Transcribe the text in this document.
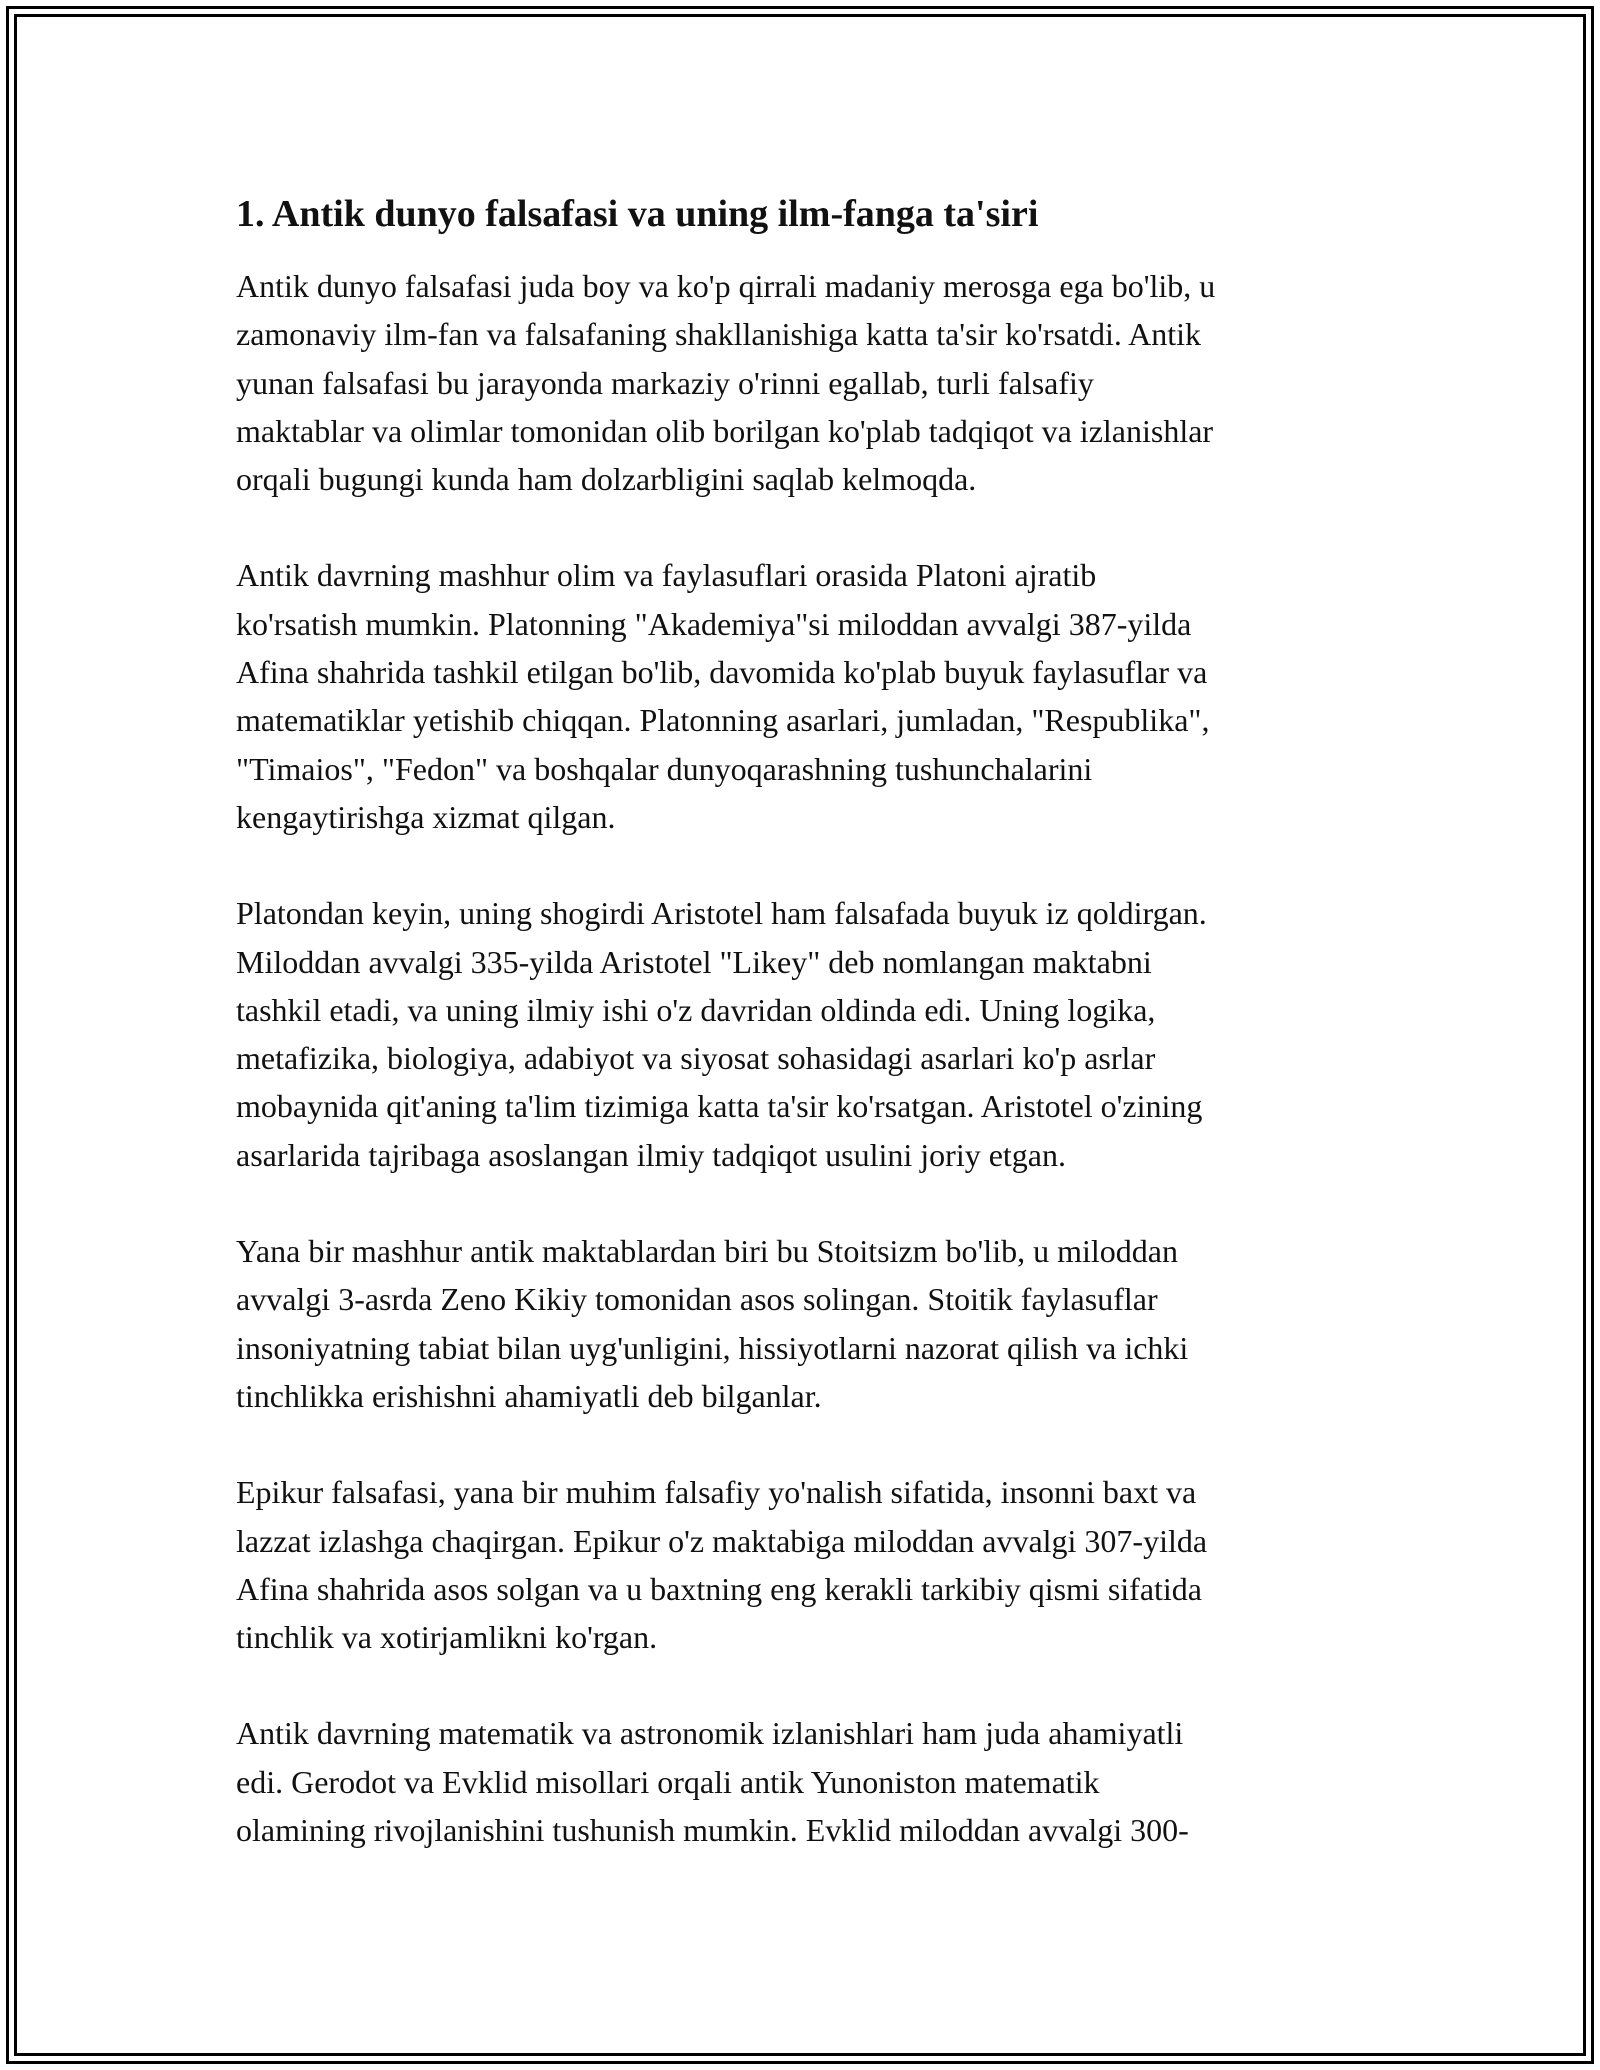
1. Antik dunyo falsafasi va uning ilm-fanga ta'siri

Antik dunyo falsafasi juda boy va ko'p qirrali madaniy merosga ega bo'lib, u
zamonaviy ilm-fan va falsafaning shakllanishiga katta ta'sir ko'rsatdi. Antik
yunan falsafasi bu jarayonda markaziy o'rinni egallab, turli falsafiy
maktablar va olimlar tomonidan olib borilgan ko'plab tadqiqot va izlanishlar
orqali bugungi kunda ham dolzarbligini saqlab kelmoqda.

Antik davrning mashhur olim va faylasuflari orasida Platoni ajratib
ko'rsatish mumkin. Platonning "Akademiya"si miloddan avvalgi 387-yilda
Afina shahrida tashkil etilgan bo'lib, davomida ko'plab buyuk faylasuflar va
matematiklar yetishib chiqqan. Platonning asarlari, jumladan, "Respublika",
"Timaios", "Fedon" va boshqalar dunyoqarashning tushunchalarini
kengaytirishga xizmat qilgan.

Platondan keyin, uning shogirdi Aristotel ham falsafada buyuk iz qoldirgan.
Miloddan avvalgi 335-yilda Aristotel "Likey" deb nomlangan maktabni
tashkil etadi, va uning ilmiy ishi o'z davridan oldinda edi. Uning logika,
metafizika, biologiya, adabiyot va siyosat sohasidagi asarlari ko'p asrlar
mobaynida qit'aning ta'lim tizimiga katta ta'sir ko'rsatgan. Aristotel o'zining
asarlarida tajribaga asoslangan ilmiy tadqiqot usulini joriy etgan.

Yana bir mashhur antik maktablardan biri bu Stoitsizm bo'lib, u miloddan
avvalgi 3-asrda Zeno Kikiy tomonidan asos solingan. Stoitik faylasuflar
insoniyatning tabiat bilan uyg'unligini, hissiyotlarni nazorat qilish va ichki
tinchlikka erishishni ahamiyatli deb bilganlar.

Epikur falsafasi, yana bir muhim falsafiy yo'nalish sifatida, insonni baxt va
lazzat izlashga chaqirgan. Epikur o'z maktabiga miloddan avvalgi 307-yilda
Afina shahrida asos solgan va u baxtning eng kerakli tarkibiy qismi sifatida
tinchlik va xotirjamlikni ko'rgan.

Antik davrning matematik va astronomik izlanishlari ham juda ahamiyatli
edi. Gerodot va Evklid misollari orqali antik Yunoniston matematik
olamining rivojlanishini tushunish mumkin. Evklid miloddan avvalgi 300-
